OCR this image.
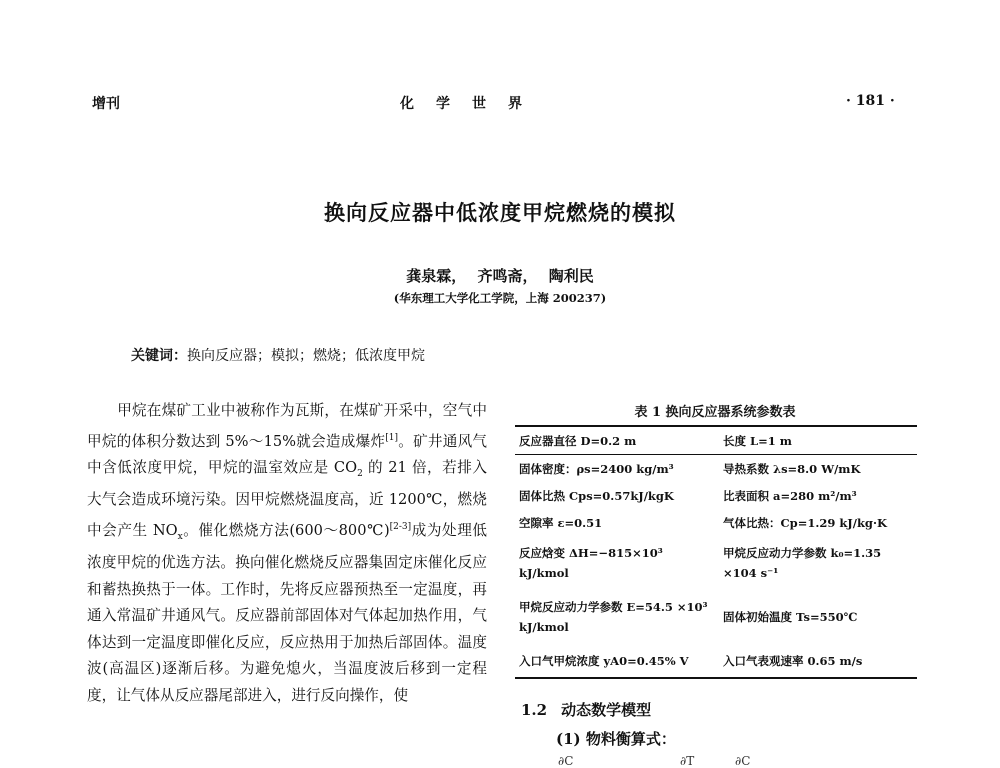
增刊	化学世界	· 181 ·
换向反应器中低浓度甲烷燃烧的模拟
龚泉霖， 齐鸣斋， 陶利民
(华东理工大学化工学院，上海 200237)
关键词：换向反应器；模拟；燃烧；低浓度甲烷
甲烷在煤矿工业中被称作为瓦斯，在煤矿开采中，空气中甲烷的体积分数达到 5%～15%就会造成爆炸[1]。矿井通风气中含低浓度甲烷，甲烷的温室效应是 $CO_2$ 的 21 倍，若排入大气会造成环境污染。因甲烷燃烧温度高，近 1200℃，燃烧中会产生 $NO_x$。催化燃烧方法(600～800℃)[2-3]成为处理低浓度甲烷的优选方法。换向催化燃烧反应器集固定床催化反应和蓄热换热于一体。工作时，先将反应器预热至一定温度，再通入常温矿井通风气。反应器前部固体对气体起加热作用，气体达到一定温度即催化反应，反应热用于加热后部固体。温度波(高温区)逐渐后移。为避免熄火，当温度波后移到一定程度，让气体从反应器尾部进入，进行反向操作，使
表 1 换向反应器系统参数表
反应器直径 D=0.2 m	长度 L=1 m
固体密度：ρs=2400 kg/m³	导热系数 λs=8.0 W/mK
固体比热 Cps=0.57kJ/kgK	比表面积 a=280 m²/m³
空隙率 ε=0.51	气体比热：Cp=1.29 kJ/kg·K
反应焓变 ΔH=−815×10³ kJ/kmol	甲烷反应动力学参数 k₀=1.35 ×104 s⁻¹
甲烷反应动力学参数 E=54.5 ×10³ kJ/kmol	固体初始温度 Ts=550℃
入口气甲烷浓度 yA0=0.45% V	入口气表观速率 0.65 m/s
1.2 动态数学模型
(1) 物料衡算式：
∂C	∂T	∂C
